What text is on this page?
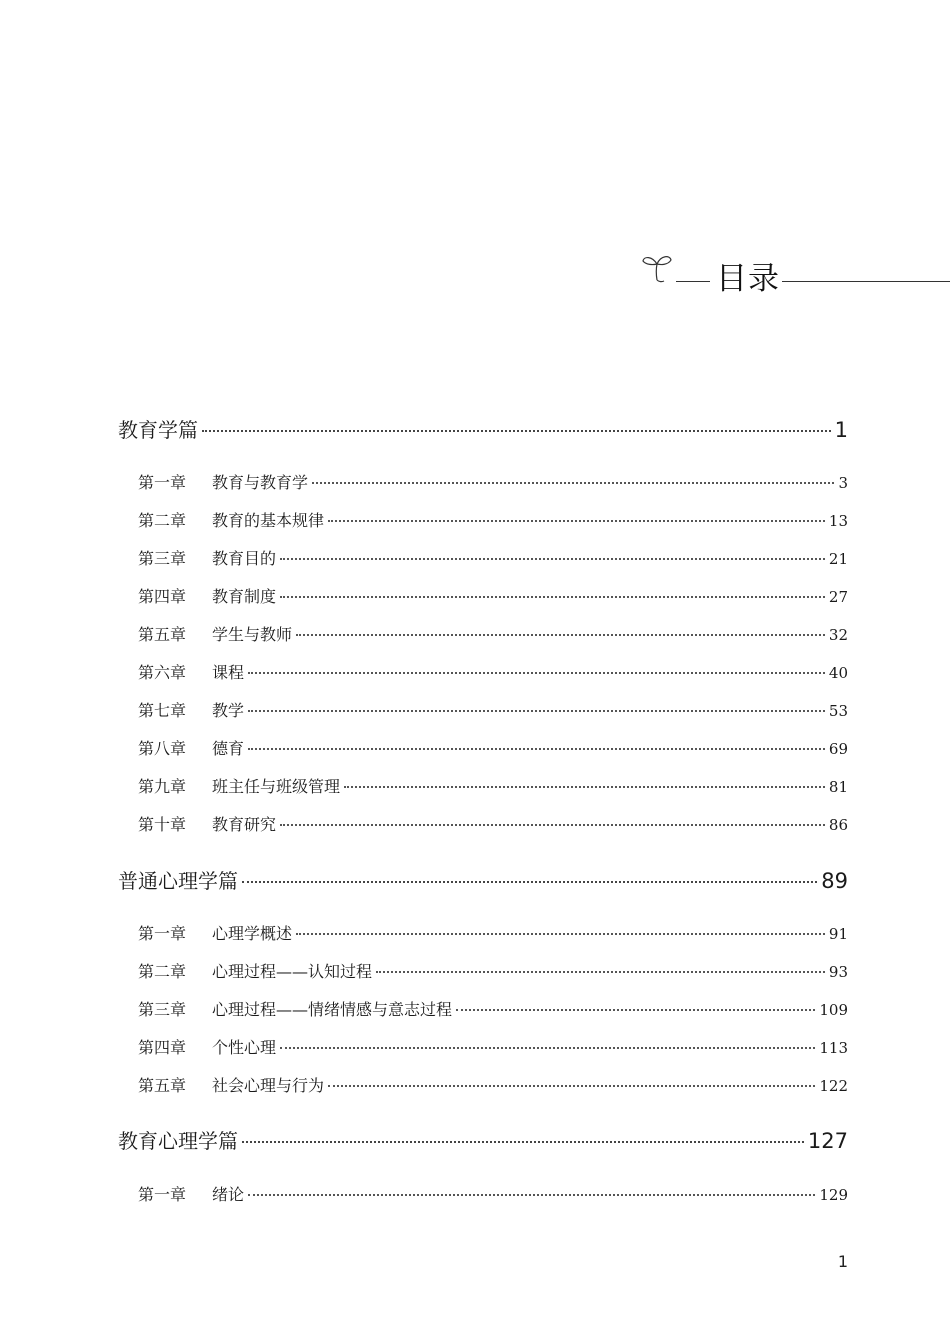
目录
教育学篇	1
第一章	教育与教育学	3
第二章	教育的基本规律	13
第三章	教育目的	21
第四章	教育制度	27
第五章	学生与教师	32
第六章	课程	40
第七章	教学	53
第八章	德育	69
第九章	班主任与班级管理	81
第十章	教育研究	86
普通心理学篇	89
第一章	心理学概述	91
第二章	心理过程——认知过程	93
第三章	心理过程——情绪情感与意志过程	109
第四章	个性心理	113
第五章	社会心理与行为	122
教育心理学篇	127
第一章	绪论	129
1
